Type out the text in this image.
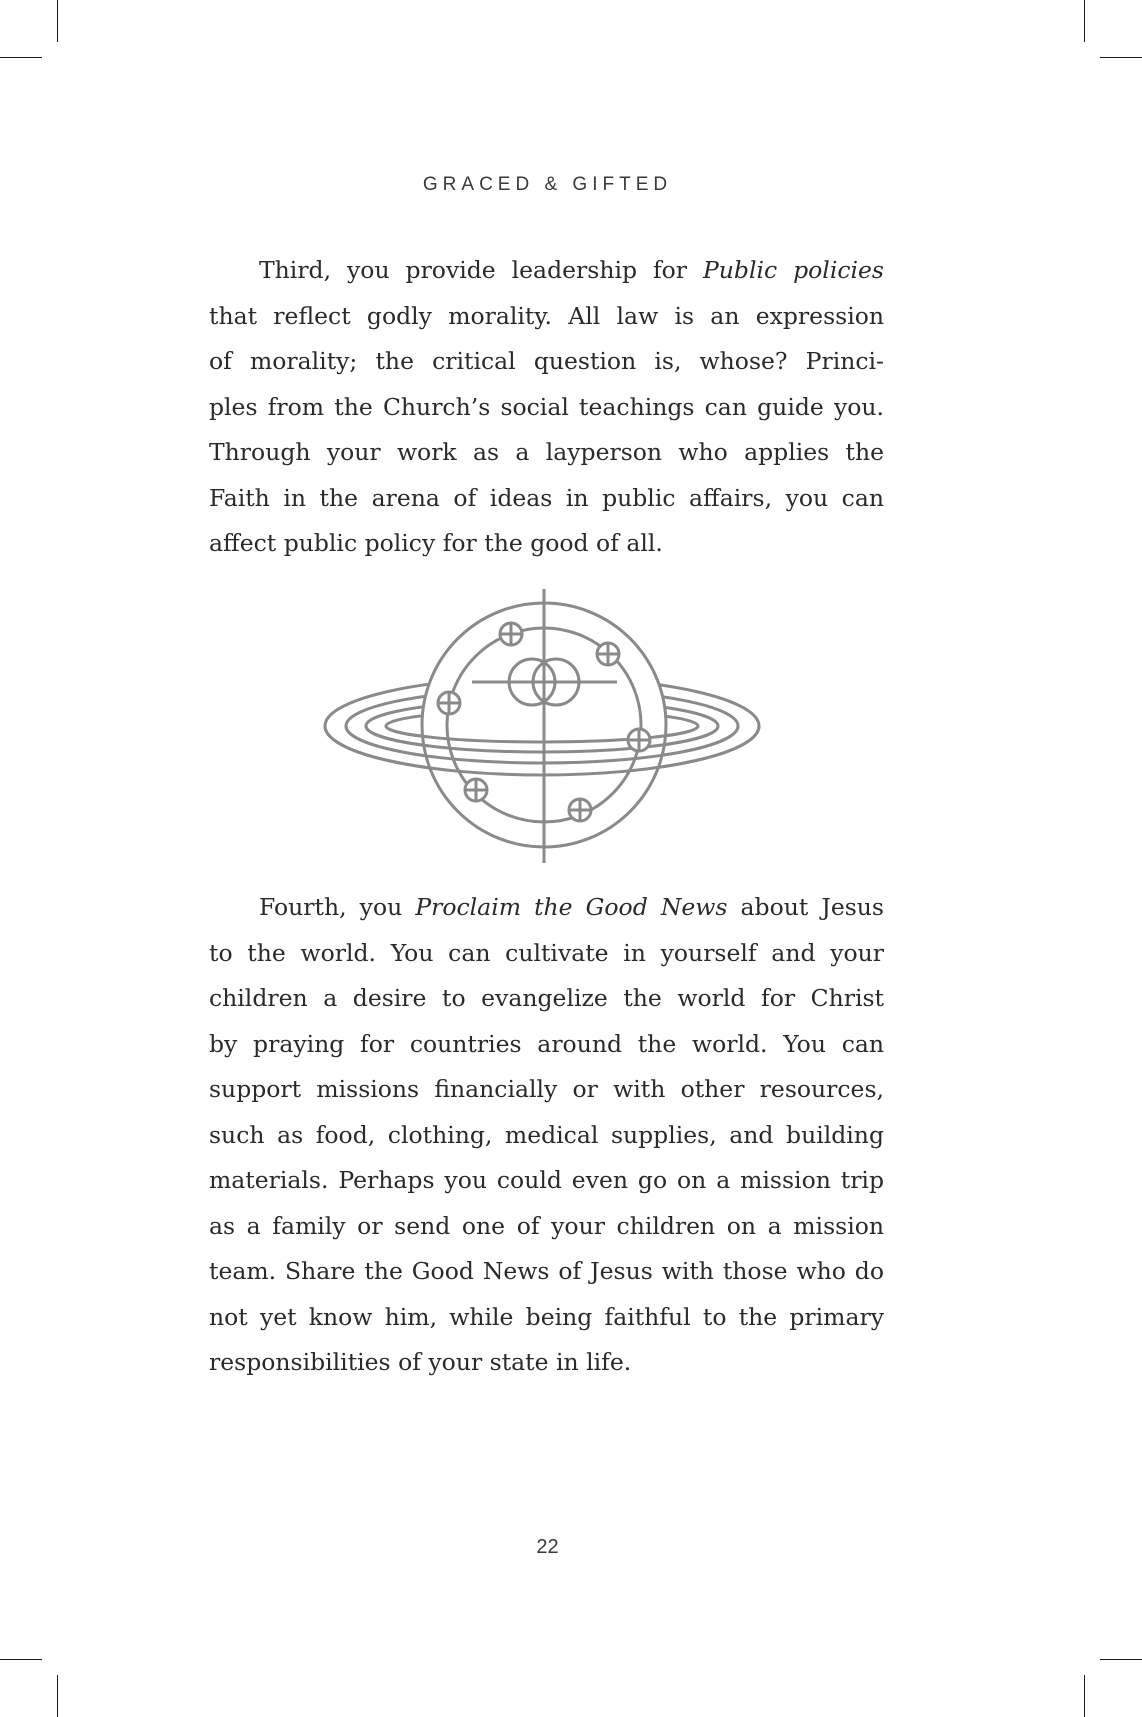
GRACED & GIFTED
Third, you provide leadership for Public policies
that reflect godly morality. All law is an expression
of morality; the critical question is, whose? Princi-
ples from the Church’s social teachings can guide you.
Through your work as a layperson who applies the
Faith in the arena of ideas in public affairs, you can
affect public policy for the good of all.
Fourth, you Proclaim the Good News about Jesus
to the world. You can cultivate in yourself and your
children a desire to evangelize the world for Christ
by praying for countries around the world. You can
support missions financially or with other resources,
such as food, clothing, medical supplies, and building
materials. Perhaps you could even go on a mission trip
as a family or send one of your children on a mission
team. Share the Good News of Jesus with those who do
not yet know him, while being faithful to the primary
responsibilities of your state in life.
22
